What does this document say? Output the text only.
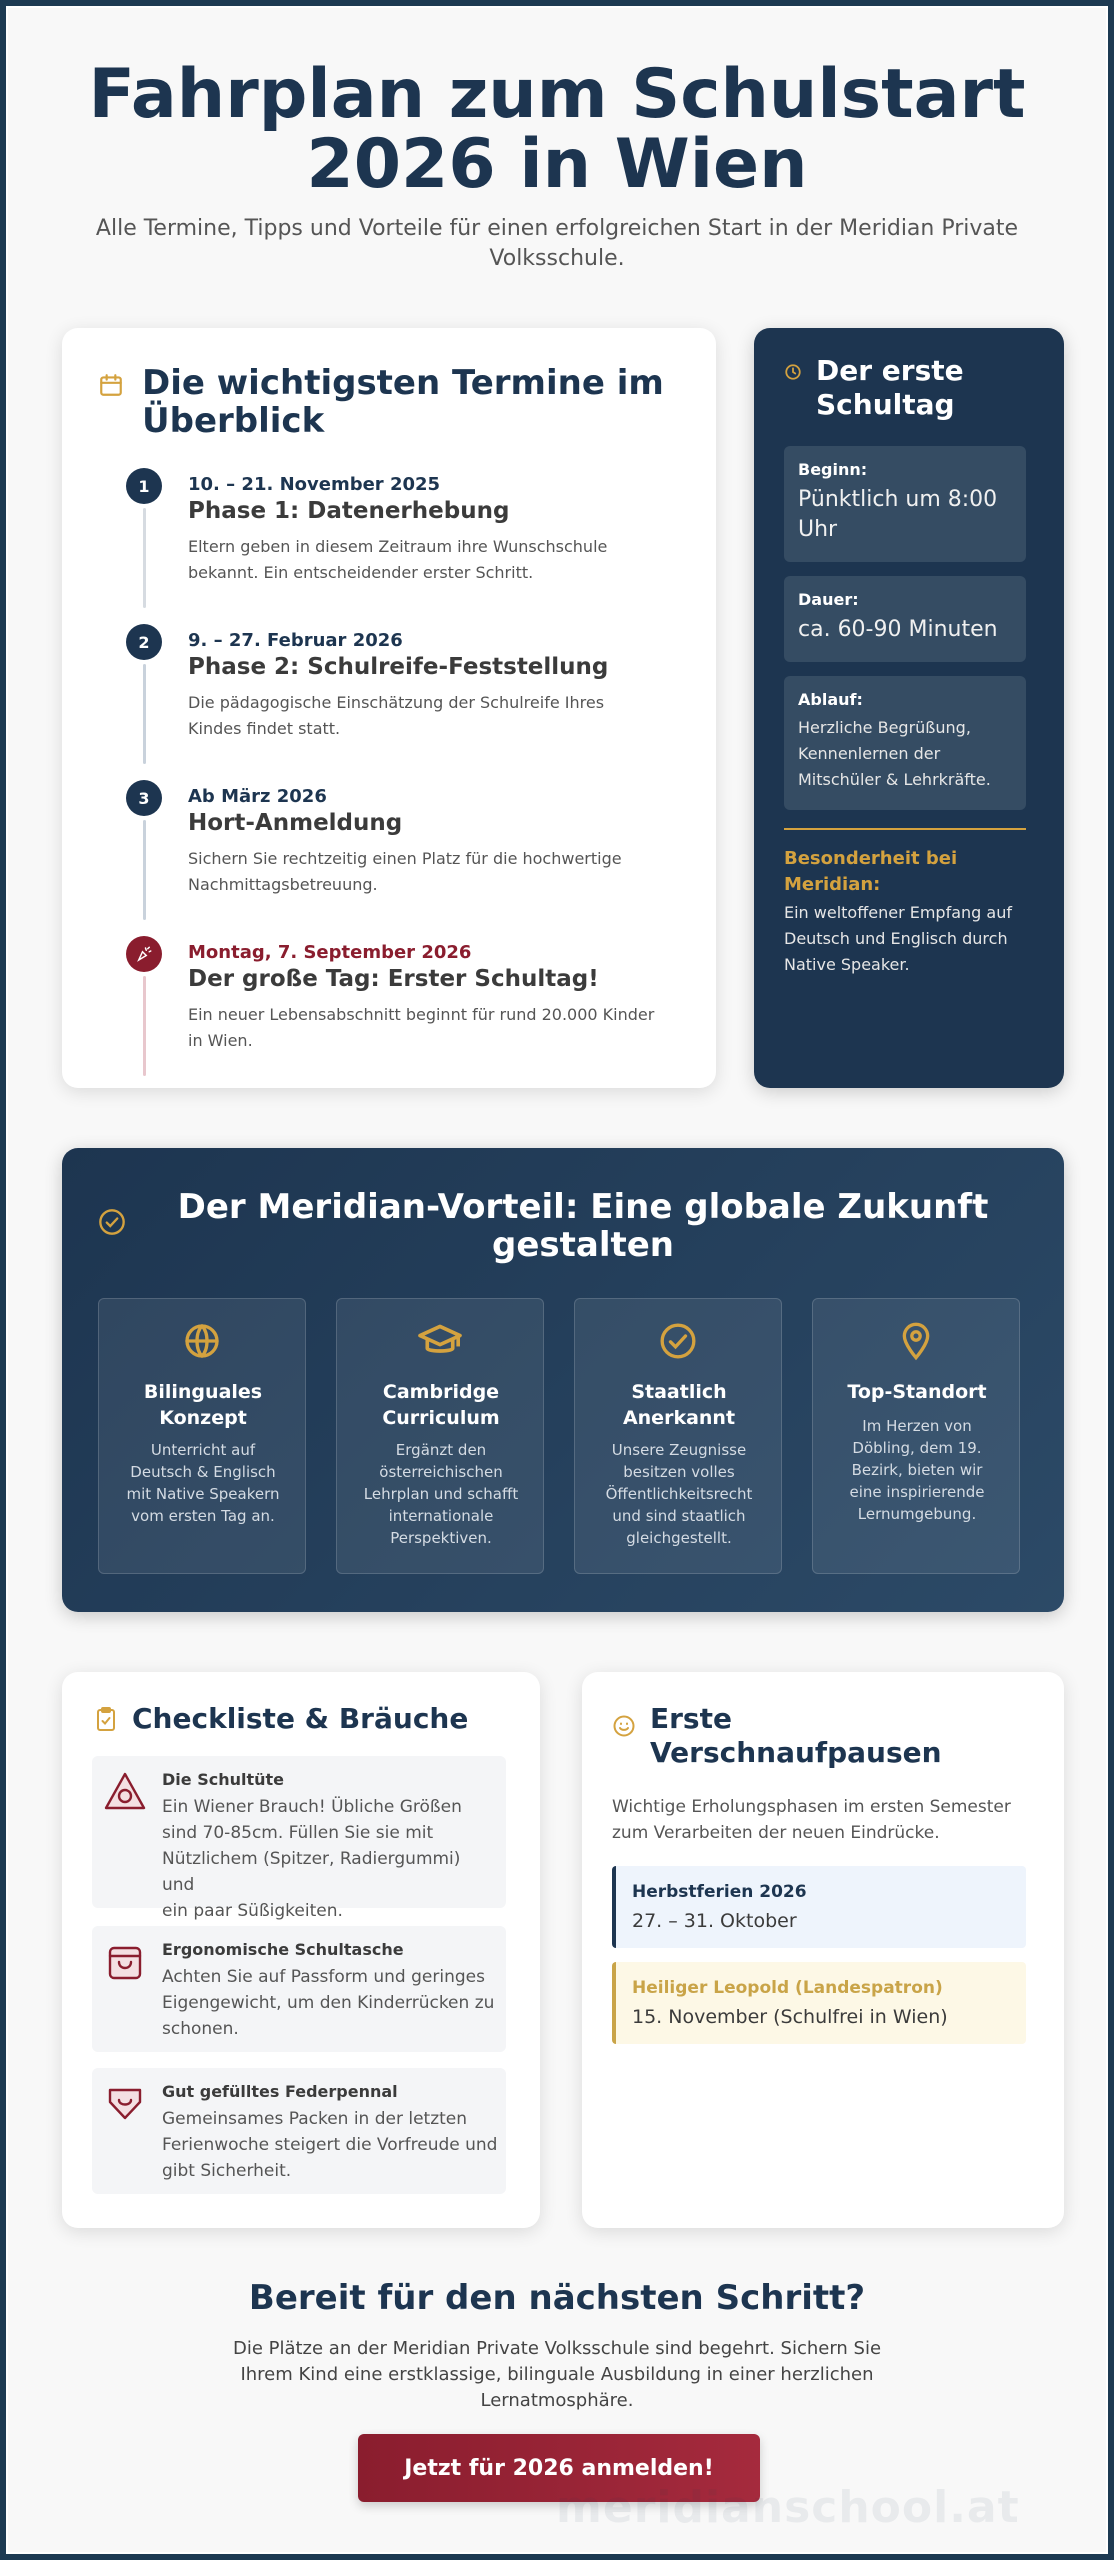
Fahrplan zum Schulstart
2026 in Wien

Alle Termine, Tipps und Vorteile für einen erfolgreichen Start in der Meridian Private Volksschule.

Die wichtigsten Termine im
Überblick
1	10. – 21. November 2025
Phase 1: Datenerhebung
Eltern geben in diesem Zeitraum ihre Wunschschule bekannt. Ein entscheidender erster Schritt.
2	9. – 27. Februar 2026
Phase 2: Schulreife-Feststellung
Die pädagogische Einschätzung der Schulreife Ihres Kindes findet statt.
3	Ab März 2026
Hort-Anmeldung
Sichern Sie rechtzeitig einen Platz für die hochwertige Nachmittagsbetreuung.
Montag, 7. September 2026
Der große Tag: Erster Schultag!
Ein neuer Lebensabschnitt beginnt für rund 20.000 Kinder in Wien.
Der erste
Schultag
Beginn:
Pünktlich um 8:00
Uhr
Dauer:
ca. 60-90 Minuten
Ablauf:
Herzliche Begrüßung,
Kennenlernen der
Mitschüler & Lehrkräfte.
Besonderheit bei
Meridian:
Ein weltoffener Empfang auf
Deutsch und Englisch durch
Native Speaker.
Der Meridian-Vorteil: Eine globale Zukunft
gestalten
Bilinguales
Konzept

Unterricht auf
Deutsch & Englisch
mit Native Speakern
vom ersten Tag an.

Cambridge
Curriculum

Ergänzt den
österreichischen
Lehrplan und schafft
internationale
Perspektiven.

Staatlich
Anerkannt

Unsere Zeugnisse
besitzen volles
Öffentlichkeitsrecht
und sind staatlich
gleichgestellt.

Top-Standort

Im Herzen von
Döbling, dem 19.
Bezirk, bieten wir
eine inspirierende
Lernumgebung.

Checkliste & Bräuche
Die Schultüte

Ein Wiener Brauch! Übliche Größen
sind 70-85cm. Füllen Sie sie mit
Nützlichem (Spitzer, Radiergummi) und
ein paar Süßigkeiten.

Ergonomische Schultasche

Achten Sie auf Passform und geringes
Eigengewicht, um den Kinderrücken zu
schonen.

Gut gefülltes Federpennal

Gemeinsames Packen in der letzten
Ferienwoche steigert die Vorfreude und
gibt Sicherheit.

Erste
Verschnaufpausen
Wichtige Erholungsphasen im ersten Semester
zum Verarbeiten der neuen Eindrücke.
Herbstferien 2026
27. – 31. Oktober
Heiliger Leopold (Landespatron)
15. November (Schulfrei in Wien)
Bereit für den nächsten Schritt?

Die Plätze an der Meridian Private Volksschule sind begehrt. Sichern Sie
Ihrem Kind eine erstklassige, bilinguale Ausbildung in einer herzlichen
Lernatmosphäre.

Jetzt für 2026 anmelden!
meridianschool.at
